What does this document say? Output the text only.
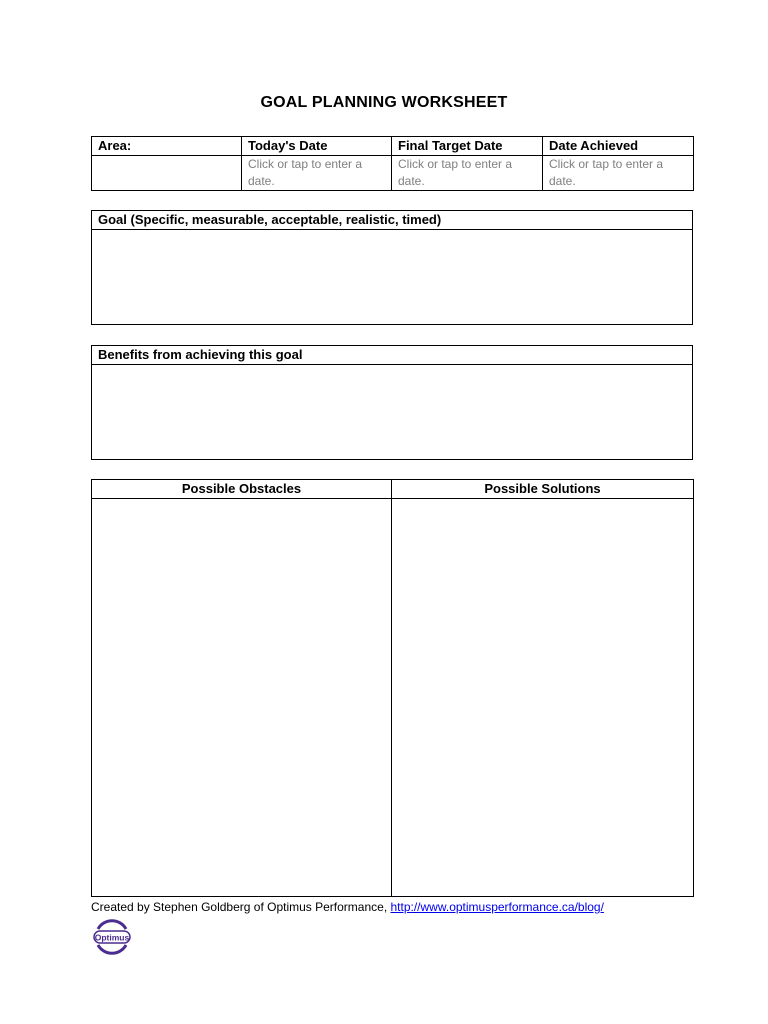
GOAL PLANNING WORKSHEET
Area:	Today's Date	Final Target Date	Date Achieved
	Click or tap to enter a date.	Click or tap to enter a date.	Click or tap to enter a date.
Goal (Specific, measurable, acceptable, realistic, timed)

Benefits from achieving this goal

Possible Obstacles	Possible Solutions

Created by Stephen Goldberg of Optimus Performance, http://www.optimusperformance.ca/blog/
Optimus
